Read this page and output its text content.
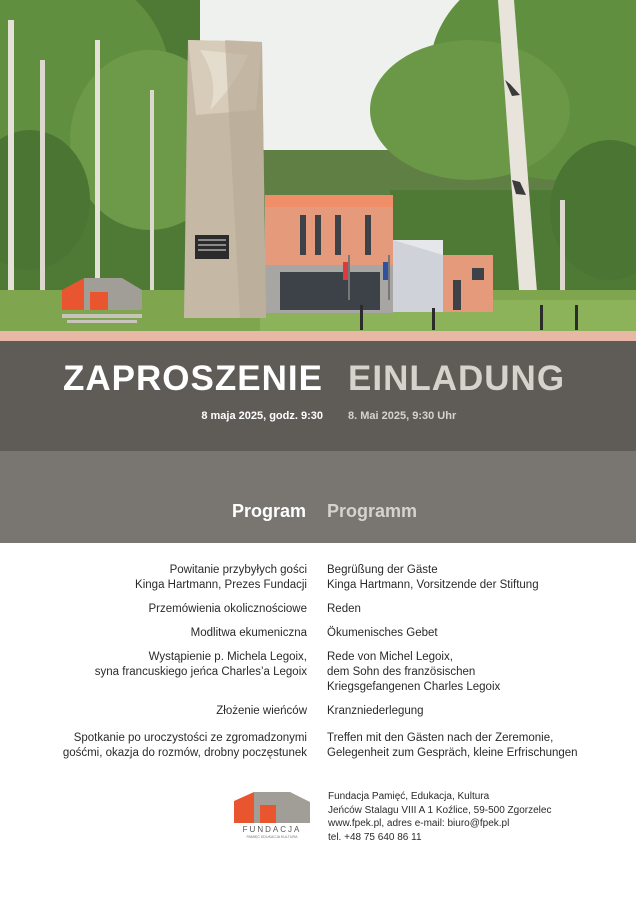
ZAPROSZENIE EINLADUNG
8 maja 2025, godz. 9:30 8. Mai 2025, 9:30 Uhr
Program Programm
Powitanie przybyłych gości
Kinga Hartmann, Prezes Fundacji
Begrüßung der Gäste
Kinga Hartmann, Vorsitzende der Stiftung
Przemówienia okolicznościowe Reden
Modlitwa ekumeniczna Ökumenisches Gebet
Wystąpienie p. Michela Legoix,
syna francuskiego jeńca Charles’a Legoix
Rede von Michel Legoix,
dem Sohn des französischen
Kriegsgefangenen Charles Legoix
Złożenie wieńców Kranzniederlegung
Spotkanie po uroczystości ze zgromadzonymi
gośćmi, okazja do rozmów, drobny poczęstunek
Treffen mit den Gästen nach der Zeremonie,
Gelegenheit zum Gespräch, kleine Erfrischungen
FUNDACJA
PAMIĘĆ EDUKACJA KULTURA
Fundacja Pamięć, Edukacja, Kultura
Jeńców Stalagu VIII A 1 Koźlice, 59-500 Zgorzelec
www.fpek.pl, adres e-mail: biuro@fpek.pl
tel. +48 75 640 86 11
